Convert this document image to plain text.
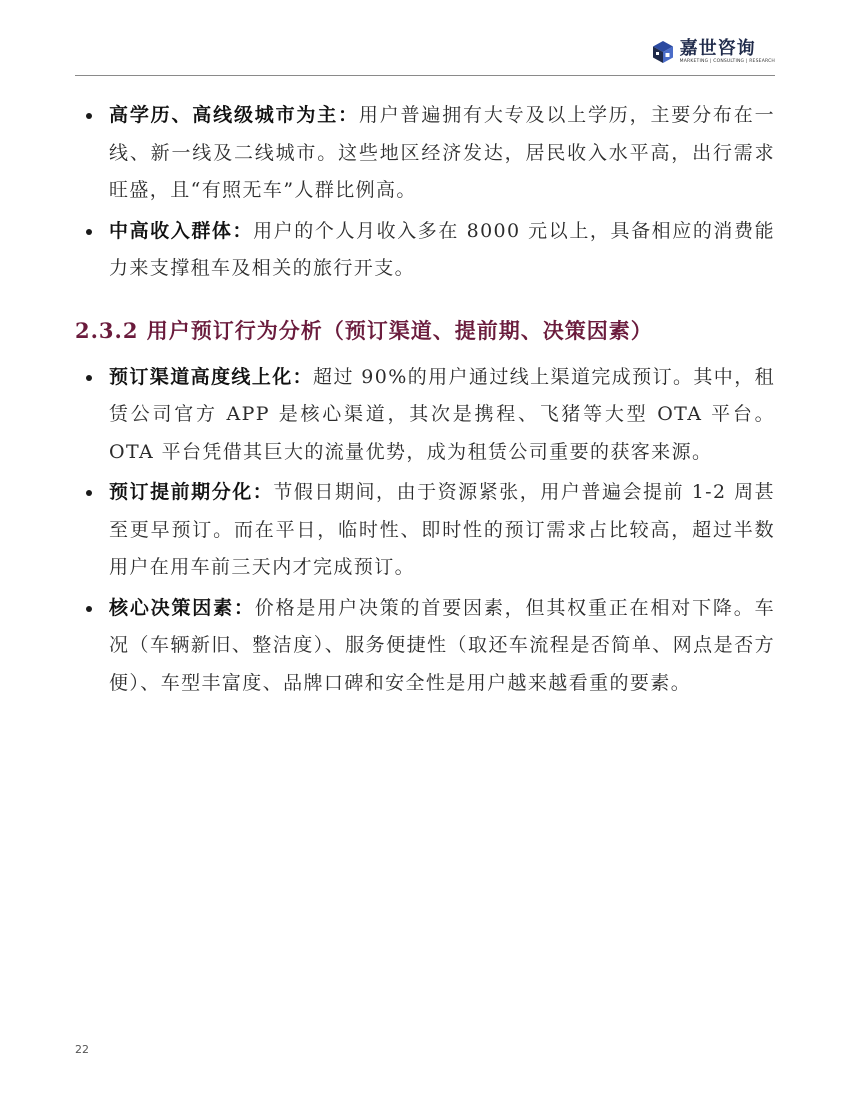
嘉世咨询
MARKETING | CONSULTING | RESEARCH
高学历、高线级城市为主：用户普遍拥有大专及以上学历，主要分布在一线、新一线及二线城市。这些地区经济发达，居民收入水平高，出行需求旺盛，且“有照无车”人群比例高。
中高收入群体：用户的个人月收入多在 8000 元以上，具备相应的消费能力来支撑租车及相关的旅行开支。
2.3.2 用户预订行为分析（预订渠道、提前期、决策因素）
预订渠道高度线上化：超过 90%的用户通过线上渠道完成预订。其中，租赁公司官方 APP 是核心渠道，其次是携程、飞猪等大型 OTA 平台。OTA 平台凭借其巨大的流量优势，成为租赁公司重要的获客来源。
预订提前期分化：节假日期间，由于资源紧张，用户普遍会提前 1-2 周甚至更早预订。而在平日，临时性、即时性的预订需求占比较高，超过半数用户在用车前三天内才完成预订。
核心决策因素：价格是用户决策的首要因素，但其权重正在相对下降。车况（车辆新旧、整洁度）、服务便捷性（取还车流程是否简单、网点是否方便）、车型丰富度、品牌口碑和安全性是用户越来越看重的要素。
22
